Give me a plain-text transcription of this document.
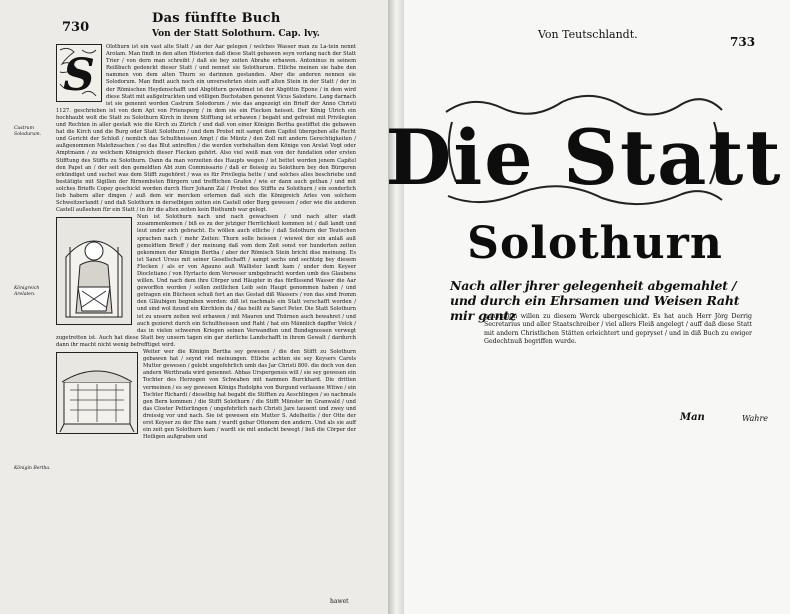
730
Das fünffte Buch
Von der Statt Solothurn. Cap. lvy.
S

Olothurn ist ein vast alte Statt / an der Aar gelegen / welches Wasser man zu La-tein nennt Arolam. Man findt in den alten Historien daß diese Statt gebawen seyn vorlang nach der Statt Trier / von dern man schreibt / daß sie bey zeiten Abrahe erbawen. Antoninus in seinem Reißbuch gedenckt dieser Statt / und nennet sie Solothurum. Etliche meinen sie habe den nammen von dem alten Thurn so darinnen gestanden. Aber die anderen nennen sie Solodorum. Man findt auch noch ein unversehrten stein auff alten Stein in der Statt / der in der Römischen Heydenschafft und Abgöttern gewidmet ist der Abgöttin Epone / in dem wird diese Statt mit außgetruckten und völligen Buchstaben genennt Vicus Salodure. Lang darnach ist sie genennt worden Castrum Solodorum / wie das angezeigt ein Brieff der Anno Christi 1127. geschrieben ist von dem Apt von Friensperg / in dem sie ein Flecken heisset. Der König Ulrich ein hochhaubt wolt die Statt zu Solothurn Kirch in ihrem Stifftung ist erbawen / begabt und gefreiet mit Privilegien und Rechten in aller gestalt wie die Kirch zu Zürich / und daß von einer Königin Bertha gestifftet die gebawen hat die Kirch und die Burg oder Statt Solothurn / und dem Probst mit sampt dem Capitel übergeben alle Recht und Gericht der Schloß / nemlich das Schultheissen Ampt / die Müntz / den Zoll mit andern Gerechtigkeiten / außgenommen Malefizsachen / so das Blut antreffen / die werden vorbehalten dem Könige von Arelat Vogt oder Amptmann / zu welchem Königreich dieser Flecken gehört. Also viel weiß man von der fundation oder ersten Stifftung des Stiffts zu Solothurn. Dann da man vorzeiten des Haupts wegen / ist bettet worden jenem Capitel den Papst an / der seit den gemeldten Abt zum Commissario / daß er fleissig zu Solothurn bey den Bürgeren erkündiget und suchet was dem Stifft zugehöret / was es für Privilegia hette / und solches alles beschriebe und bestätigte mit Sigillen der fürnembsten Bürgern und trefflichen Grafen / wie er dann auch gethan / und mit solches Brieffs Copey geschickt worden durch Herr Johann Zal / Probst des Stiffts zu Solothurn / ein sonderlich lieb habern aller dingen / auß dem wir mercken erlernen daß sich die Königreich Arles von solchem Schweitzerlandt / und daß Solothurn in derselbigen zeiten ein Castell oder Burg gewesen / oder wie die anderen Castell außsehen für ein Statt / in ihr die alten zeiten kein Bisthumb war gelegt.

Nun ist Solothurn nach und nach gewachsen / und nach alter stadt zusammenkomen / biß es zu der jetziger Herrlichkeit kommen ist / daß landt und leut under sich gebracht. Es wöllen auch etliche / daß Solothurn der Teutschen sprachen nach / mehr Zeiten: Thurn solle heissen / wiewol der ein anlaß auß gemeldtem Brieff / der meinung daß vom dem Zeit sonst vor hunderten zeiten gekommen der Königin Bertha / aber der Römisch Stein bricht dise meinung. Es ist Sanct Ursus mit seiner Gesellschafft / sampt sechs und sechtzig bey diesem Flecken / als er von Agauno auß Wallister landt kam / under dem Keyser Diocletiano / von Hyrtacto dem Verweser umbgebracht worden umb des Glaubens willen. Und nach dem ihre Cörper und Häupter in das fürflissend Wasser die Aar geworffen worden / sollen zeitlichen Leib sein Haupt genommen haben / und getragen ein Bücheen schuß fert an das Gestad diß Wassers / von das sind fromm den Gläubigen begraben worden: diß ist nachmals ein Statt verschafft worden / und sind wol itzund ein Kirchlein da / das heißt zu Sanct Peter. Die Statt Solothurn ist zu unsern zeiten wol erbawen / mit Mauren und Thürnen auch bewahret / und auch gezieret durch ein Schultheissen und Raht / hat ein Männlich dapffer Volck / das in vielen schweren Kriegen seinen Verwandten und Bundsgnossen verwegt zugetretten ist. Auch hat diese Statt bey unsern tagen ein gar zierliche Landschafft in ihrem Gewalt / dardurch dann ihr macht nicht wenig befrefftiget wird.

Weiter wer die Königin Bertha sey gewesen / die den Stifft zu Solothurn gebawen hat / seynd viel meinungen. Etliche achten sie sey Keysers Carols Mutter gewesen / gelebt ungefehrlich umb das Jar Christi 800. die doch von den andern Werthrada wird genennet. Abbas Urspergensis will / sie sey gewesen ein Tochter des Herzogen von Schwaben mit nammen Burckhard. Die dritten vermeinen / es sey gewesen Königs Rudolphs von Burgund verlassne Witwe / ein Tochter Richardi / dieselbig hat begabt die Stifften zu Aeschlingen / so nachmals gen Bern kommen / die Stifft Solothurn / die Stifft Münster im Granwald / und das Closter Petterlingen / ungefehrlich nach Christi Jare tausent und zwey und dreissig vor und nach. Sie ist gewesen ein Mutter S. Adelheitis / der Otte der erst Keyser zu der Ehe nam / wardt gebar Ottonem den andern. Und als sie auff ein zeit gen Solothurn kam / wardt sie mit andacht bewegt / ließ die Cörper der Heiligen außgraben und

Castrum Solodurum.
Königreich Arelaten.
Königin Bertha.
hawet
Von Teutschlandt.
733
Die Statt
Solothurn
Nach aller jhrer gelegenheit abgemahlet / und durch ein Ehrsamen und Weisen Raht mir gantz
geneigtem willen zu diesem Werck ubergeschickt. Es hat auch Herr Jörg Derrig Secretarius und aller Staatschreiber / viel allers Fleiß angelegt / auff daß diese Statt mit andern Christlichen Stätten erleichtert und gepryset / und in diß Buch zu ewiger Gedechtnuß begriffen wurde.
Man	Wahre
